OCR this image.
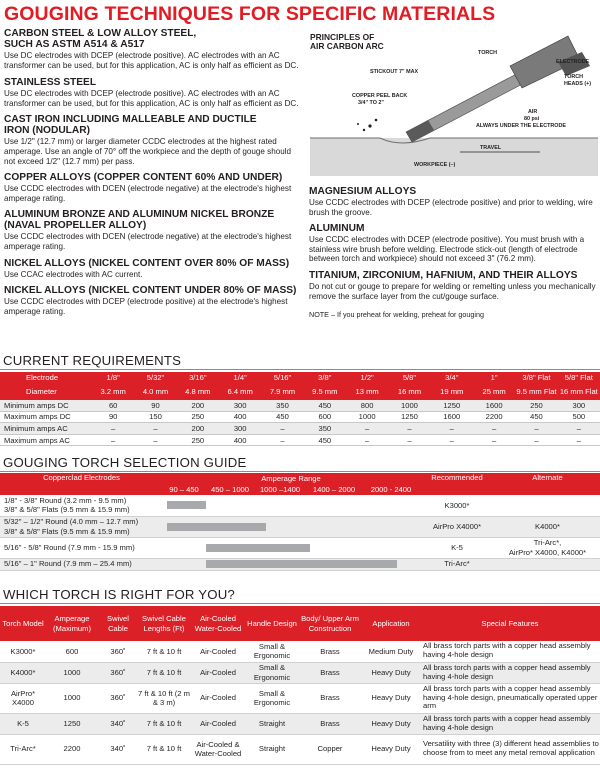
GOUGING TECHNIQUES FOR SPECIFIC MATERIALS
CARBON STEEL & LOW ALLOY STEEL, SUCH AS ASTM A514 & A517

Use DC electrodes with DCEP (electrode positive). AC electrodes with an AC transformer can be used, but for this application, AC is only half as efficient as DC.

STAINLESS STEEL

Use DC electrodes with DCEP (electrode positive). AC electrodes with an AC transformer can be used, but for this application, AC is only half as efficient as DC.

CAST IRON INCLUDING MALLEABLE AND DUCTILE IRON (NODULAR)

Use 1/2" (12.7 mm) or larger diameter CCDC electrodes at the highest rated amperage. Use an angle of 70° off the workpiece and the depth of gouge should not exceed 1/2" (12.7 mm) per pass.

COPPER ALLOYS (COPPER CONTENT 60% AND UNDER)

Use CCDC electrodes with DCEN (electrode negative) at the electrode's highest amperage rating.

ALUMINUM BRONZE AND ALUMINUM NICKEL BRONZE (NAVAL PROPELLER ALLOY)

Use CCDC electrodes with DCEN (electrode negative) at the electrode's highest amperage rating.

NICKEL ALLOYS (NICKEL CONTENT OVER 80% OF MASS)

Use CCAC electrodes with AC current.

NICKEL ALLOYS (NICKEL CONTENT UNDER 80% OF MASS)

Use CCDC electrodes with DCEP (electrode positive) at the electrode's highest amperage rating.

PRINCIPLES OF
AIR CARBON ARC
TORCH
ELECTRODE
TORCH
HEADS (+)
STICKOUT 7" MAX
COPPER PEEL BACK
3/4" TO 2"
AIR
80 psi
ALWAYS UNDER THE ELECTRODE
TRAVEL
WORKPIECE (–)
MAGNESIUM ALLOYS

Use CCDC electrodes with DCEP (electrode positive) and prior to welding, wire brush the groove.

ALUMINUM

Use CCDC electrodes with DCEP (electrode positive). You must brush with a stainless wire brush before welding. Electrode stick-out (length of electrode between torch and workpiece) should not exceed 3" (76.2 mm).

TITANIUM, ZIRCONIUM, HAFNIUM, AND THEIR ALLOYS

Do not cut or gouge to prepare for welding or remelting unless you mechanically remove the surface layer from the cut/gouge surface.

NOTE – If you preheat for welding, preheat for gouging
CURRENT REQUIREMENTS
Electrode	1/8"	5/32"	3/16"	1/4"	5/16"	3/8"	1/2"	5/8"	3/4"	1"	3/8" Flat	5/8" Flat
Diameter	3.2 mm	4.0 mm	4.8 mm	6.4 mm	7.9 mm	9.5 mm	13 mm	16 mm	19 mm	25 mm	9.5 mm Flat	16 mm Flat
Minimum amps DC	60	90	200	300	350	450	800	1000	1250	1600	250	300
Maximum amps DC	90	150	250	400	450	600	1000	1250	1600	2200	450	500
Minimum amps AC	–	–	200	300	–	350	–	–	–	–	–	–
Maximum amps AC	–	–	250	400	–	450	–	–	–	–	–	–
GOUGING TORCH SELECTION GUIDE
Copperclad Electrodes	Amperage Range					Recommended	Alternate
	90 – 450	450 – 1000	1000 –1400	1400 – 2000	2000 - 2400		

1/8" - 3/8" Round (3.2 mm - 9.5 mm)
3/8" & 5/8" Flats (9.5 mm & 15.9 mm)						K3000*	

5/32" – 1/2" Round (4.0 mm – 12.7 mm)
3/8" & 5/8" Flats (9.5 mm & 15.9 mm)						AirPro X4000*	K4000*

5/16" - 5/8" Round (7.9 mm - 15.9 mm)						K-5	Tri-Arc*,
AirPro* X4000, K4000*

5/16" – 1" Round (7.9 mm – 25.4 mm)						Tri-Arc*	
WHICH TORCH IS RIGHT FOR YOU?
Torch Model	Amperage (Maximum)	Swivel Cable	Swivel Cable Lengths (Ft)	Air-Cooled Water-Cooled	Handle Design	Body/ Upper Arm Construction	Application	Special Features
K3000*	600	360˚	7 ft & 10 ft	Air-Cooled	Small & Ergonomic	Brass	Medium Duty	All brass torch parts with a copper head assembly having 4-hole design
K4000*	1000	360˚	7 ft & 10 ft	Air-Cooled	Small & Ergonomic	Brass	Heavy Duty	All brass torch parts with a copper head assembly having 4-hole design
AirPro* X4000	1000	360˚	7 ft & 10 ft (2 m & 3 m)	Air-Cooled	Small & Ergonomic	Brass	Heavy Duty	All brass torch parts with a copper head assembly having 4-hole design, pneumatically operated upper arm
K-5	1250	340˚	7 ft & 10 ft	Air-Cooled	Straight	Brass	Heavy Duty	All brass torch parts with a copper head assembly having 4-hole design
Tri-Arc*	2200	340˚	7 ft & 10 ft	Air-Cooled & Water-Cooled	Straight	Copper	Heavy Duty	Versatility with three (3) different head assemblies to choose from to meet any metal removal application
